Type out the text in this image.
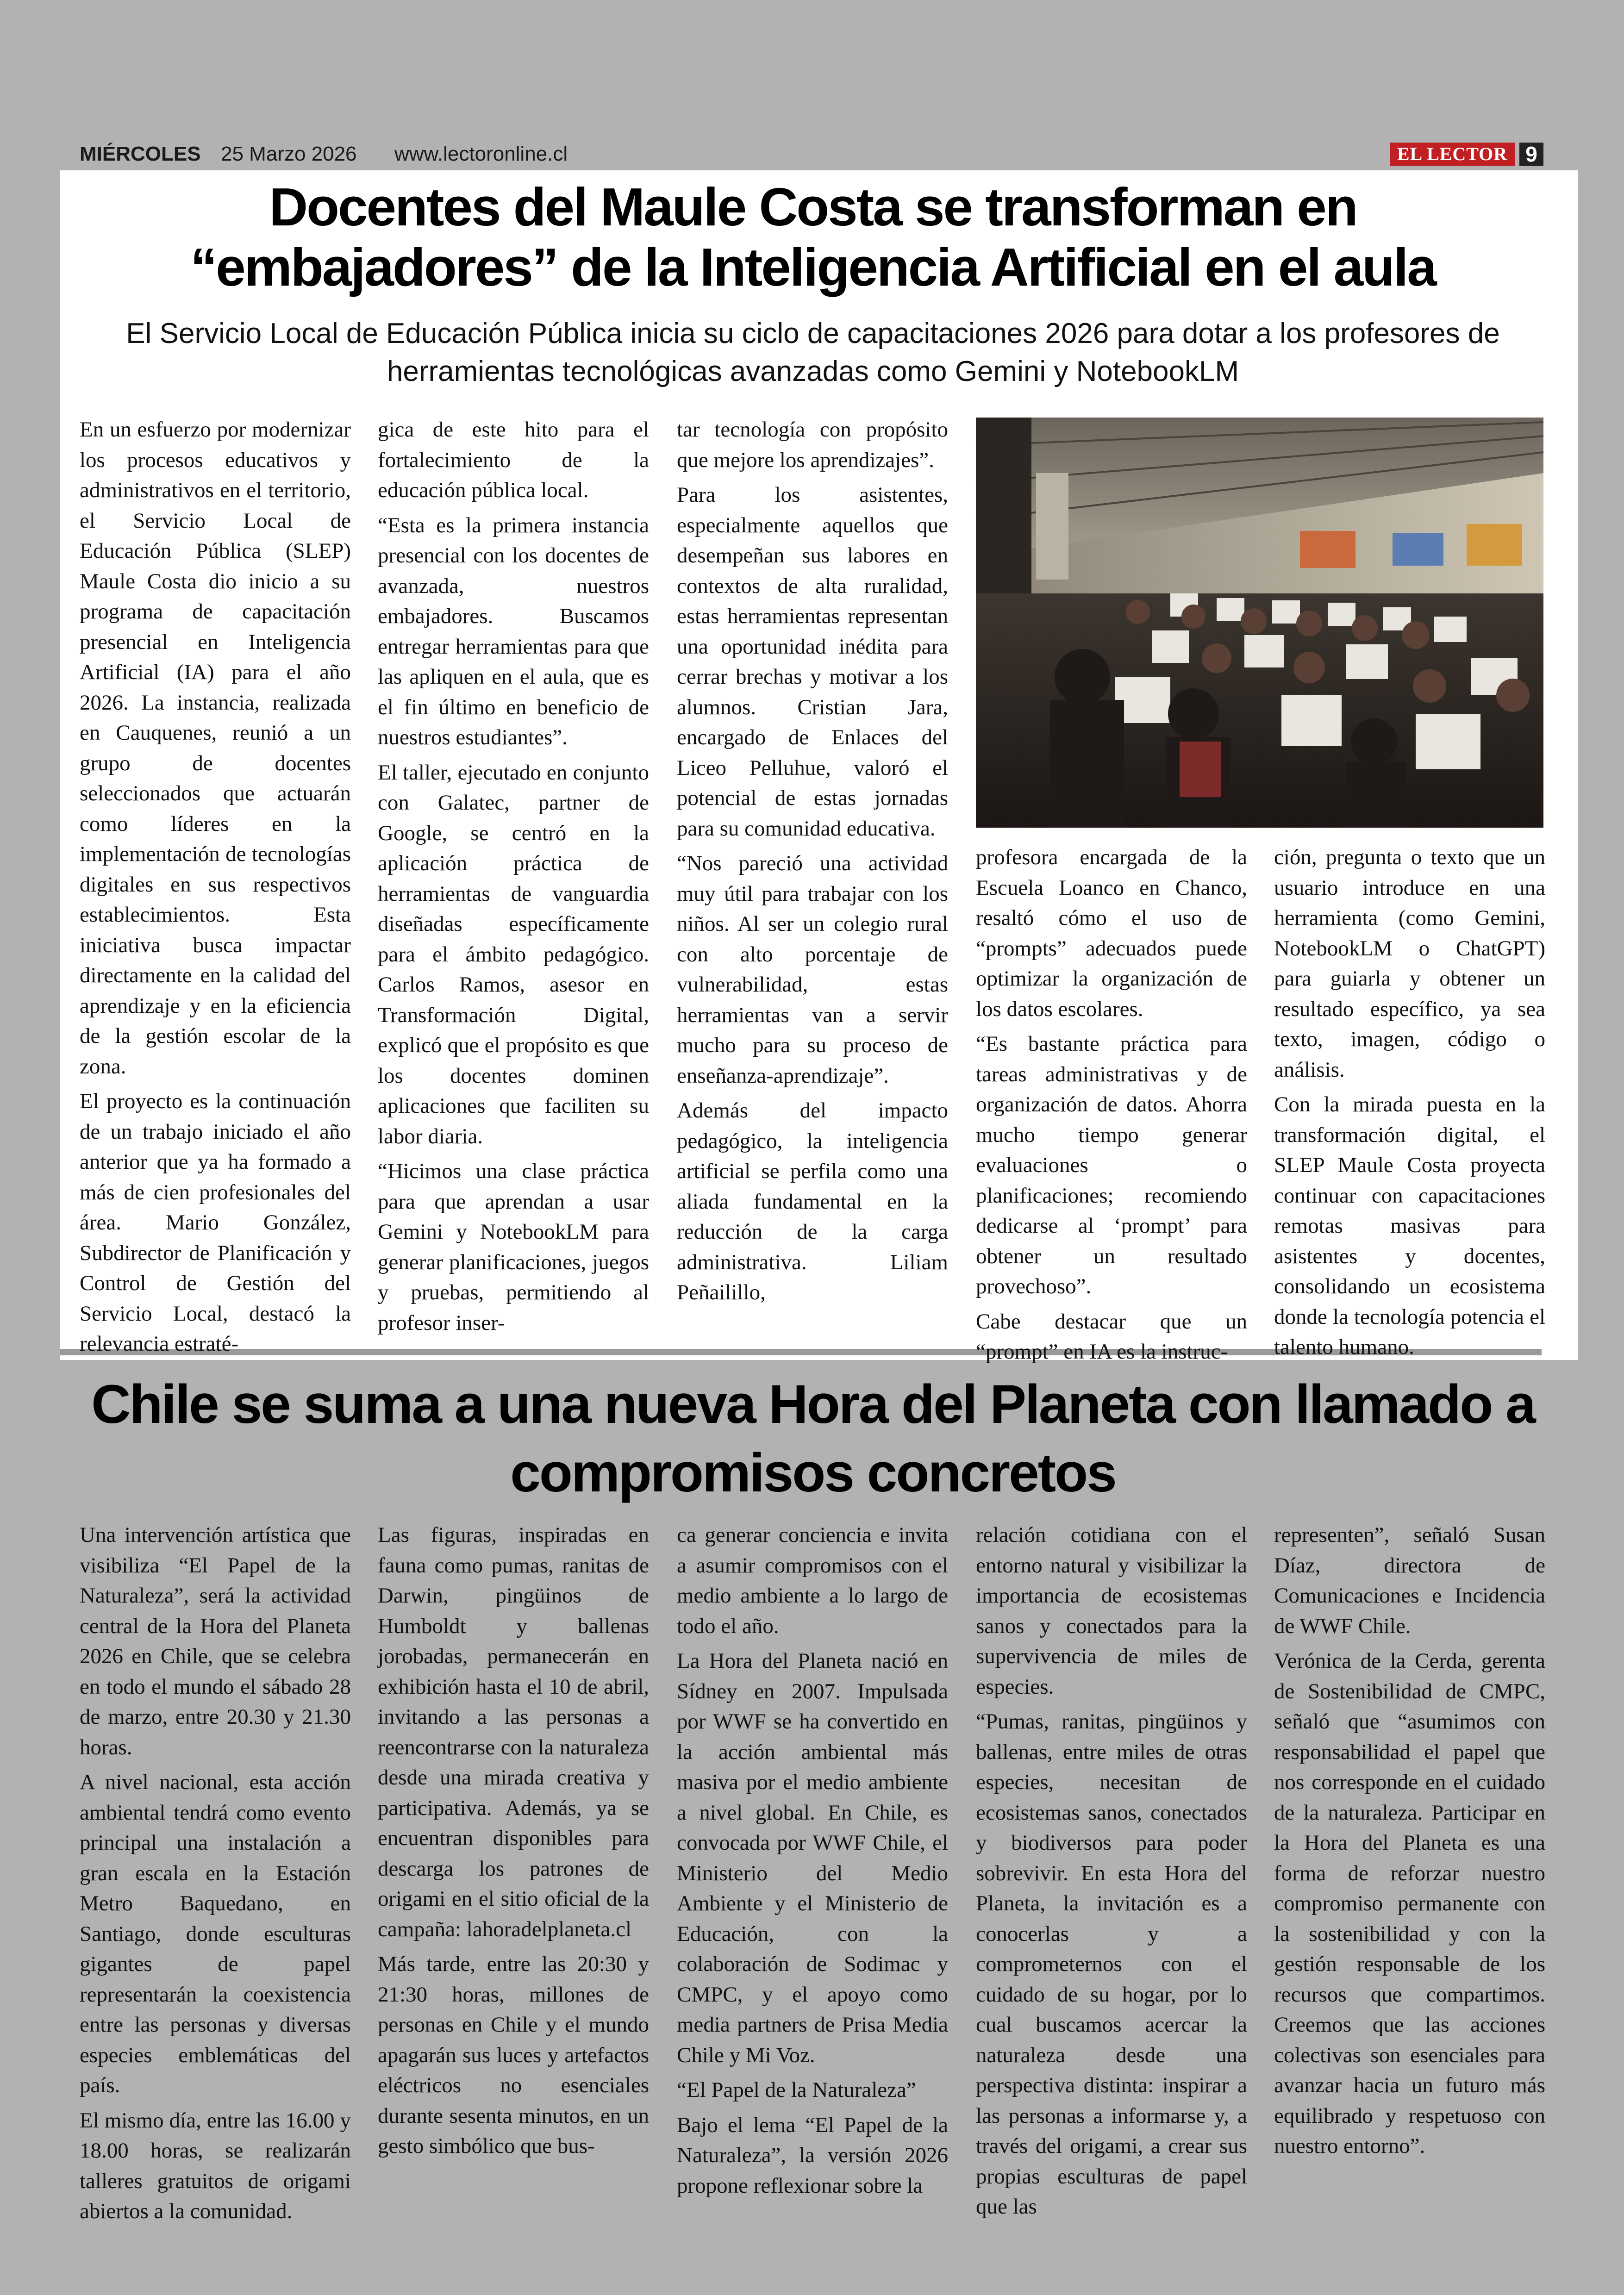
MIÉRCOLES 25 Marzo 2026 www.lectoronline.cl	EL LECTOR 9
Docentes del Maule Costa se transforman en
“embajadores” de la Inteligencia Artificial en el aula

El Servicio Local de Educación Pública inicia su ciclo de capacitaciones 2026 para dotar a los profesores de herramientas tecnológicas avanzadas como Gemini y NotebookLM

En un esfuerzo por modernizar los procesos educativos y administrativos en el territorio, el Servicio Local de Educación Pública (SLEP) Maule Costa dio inicio a su programa de capacitación presencial en Inteligencia Artificial (IA) para el año 2026. La instancia, realizada en Cauquenes, reunió a un grupo de docentes seleccionados que actuarán como líderes en la implementación de tecnologías digitales en sus respectivos establecimientos. Esta iniciativa busca impactar directamente en la calidad del aprendizaje y en la eficiencia de la gestión escolar de la zona.

El proyecto es la continuación de un trabajo iniciado el año anterior que ya ha formado a más de cien profesionales del área. Mario González, Subdirector de Planificación y Control de Gestión del Servicio Local, destacó la relevancia estraté-

gica de este hito para el fortalecimiento de la educación pública local.

“Esta es la primera instancia presencial con los docentes de avanzada, nuestros embajadores. Buscamos entregar herramientas para que las apliquen en el aula, que es el fin último en beneficio de nuestros estudiantes”.

El taller, ejecutado en conjunto con Galatec, partner de Google, se centró en la aplicación práctica de herramientas de vanguardia diseñadas específicamente para el ámbito pedagógico. Carlos Ramos, asesor en Transformación Digital, explicó que el propósito es que los docentes dominen aplicaciones que faciliten su labor diaria.

“Hicimos una clase práctica para que aprendan a usar Gemini y NotebookLM para generar planificaciones, juegos y pruebas, permitiendo al profesor inser-

tar tecnología con propósito que mejore los aprendizajes”.

Para los asistentes, especialmente aquellos que desempeñan sus labores en contextos de alta ruralidad, estas herramientas representan una oportunidad inédita para cerrar brechas y motivar a los alumnos. Cristian Jara, encargado de Enlaces del Liceo Pelluhue, valoró el potencial de estas jornadas para su comunidad educativa.

“Nos pareció una actividad muy útil para trabajar con los niños. Al ser un colegio rural con alto porcentaje de vulnerabilidad, estas herramientas van a servir mucho para su proceso de enseñanza-aprendizaje”.

Además del impacto pedagógico, la inteligencia artificial se perfila como una aliada fundamental en la reducción de la carga administrativa. Liliam Peñailillo,

profesora encargada de la Escuela Loanco en Chanco, resaltó cómo el uso de “prompts” adecuados puede optimizar la organización de los datos escolares.

“Es bastante práctica para tareas administrativas y de organización de datos. Ahorra mucho tiempo generar evaluaciones o planificaciones; recomiendo dedicarse al ‘prompt’ para obtener un resultado provechoso”.

Cabe destacar que un “prompt” en IA es la instruc-

ción, pregunta o texto que un usuario introduce en una herramienta (como Gemini, NotebookLM o ChatGPT) para guiarla y obtener un resultado específico, ya sea texto, imagen, código o análisis.

Con la mirada puesta en la transformación digital, el SLEP Maule Costa proyecta continuar con capacitaciones remotas masivas para asistentes y docentes, consolidando un ecosistema donde la tecnología potencia el talento humano.

Chile se suma a una nueva Hora del Planeta con llamado a
compromisos concretos

Una intervención artística que visibiliza “El Papel de la Naturaleza”, será la actividad central de la Hora del Planeta 2026 en Chile, que se celebra en todo el mundo el sábado 28 de marzo, entre 20.30 y 21.30 horas.

A nivel nacional, esta acción ambiental tendrá como evento principal una instalación a gran escala en la Estación Metro Baquedano, en Santiago, donde esculturas gigantes de papel representarán la coexistencia entre las personas y diversas especies emblemáticas del país.

El mismo día, entre las 16.00 y 18.00 horas, se realizarán talleres gratuitos de origami abiertos a la comunidad.

Las figuras, inspiradas en fauna como pumas, ranitas de Darwin, pingüinos de Humboldt y ballenas jorobadas, permanecerán en exhibición hasta el 10 de abril, invitando a las personas a reencontrarse con la naturaleza desde una mirada creativa y participativa. Además, ya se encuentran disponibles para descarga los patrones de origami en el sitio oficial de la campaña: lahoradelplaneta.cl

Más tarde, entre las 20:30 y 21:30 horas, millones de personas en Chile y el mundo apagarán sus luces y artefactos eléctricos no esenciales durante sesenta minutos, en un gesto simbólico que bus-

ca generar conciencia e invita a asumir compromisos con el medio ambiente a lo largo de todo el año.

La Hora del Planeta nació en Sídney en 2007. Impulsada por WWF se ha convertido en la acción ambiental más masiva por el medio ambiente a nivel global. En Chile, es convocada por WWF Chile, el Ministerio del Medio Ambiente y el Ministerio de Educación, con la colaboración de Sodimac y CMPC, y el apoyo como media partners de Prisa Media Chile y Mi Voz.

“El Papel de la Naturaleza”

Bajo el lema “El Papel de la Naturaleza”, la versión 2026 propone reflexionar sobre la

relación cotidiana con el entorno natural y visibilizar la importancia de ecosistemas sanos y conectados para la supervivencia de miles de especies.

“Pumas, ranitas, pingüinos y ballenas, entre miles de otras especies, necesitan de ecosistemas sanos, conectados y biodiversos para poder sobrevivir. En esta Hora del Planeta, la invitación es a conocerlas y a comprometernos con el cuidado de su hogar, por lo cual buscamos acercar la naturaleza desde una perspectiva distinta: inspirar a las personas a informarse y, a través del origami, a crear sus propias esculturas de papel que las

representen”, señaló Susan Díaz, directora de Comunicaciones e Incidencia de WWF Chile.

Verónica de la Cerda, gerenta de Sostenibilidad de CMPC, señaló que “asumimos con responsabilidad el papel que nos corresponde en el cuidado de la naturaleza. Participar en la Hora del Planeta es una forma de reforzar nuestro compromiso permanente con la sostenibilidad y con la gestión responsable de los recursos que compartimos. Creemos que las acciones colectivas son esenciales para avanzar hacia un futuro más equilibrado y respetuoso con nuestro entorno”.
